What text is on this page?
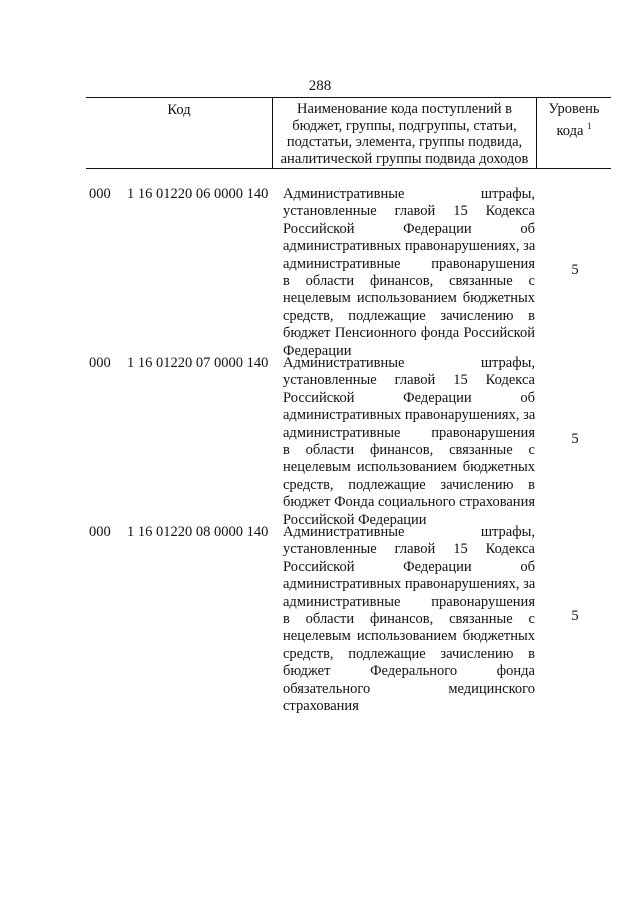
288
Код	Наименование кода поступлений в
бюджет, группы, подгруппы, статьи,
подстатьи, элемента, группы подвида,
аналитической группы подвида доходов
Уровень
кода $^1$
000 1 16 01220 06 0000 140 Административные штрафы,
установленные главой 15 Кодекса
Российской Федерации об
административных правонарушениях, за
административные правонарушения
в области финансов, связанные с
нецелевым использованием бюджетных
средств, подлежащие зачислению в
бюджет Пенсионного фонда Российской
Федерации
5
000 1 16 01220 07 0000 140 Административные штрафы,
установленные главой 15 Кодекса
Российской Федерации об
административных правонарушениях, за
административные правонарушения
в области финансов, связанные с
нецелевым использованием бюджетных
средств, подлежащие зачислению в
бюджет Фонда социального страхования
Российской Федерации
5
000 1 16 01220 08 0000 140 Административные штрафы,
установленные главой 15 Кодекса
Российской Федерации об
административных правонарушениях, за
административные правонарушения
в области финансов, связанные с
нецелевым использованием бюджетных
средств, подлежащие зачислению в
бюджет Федерального фонда
обязательного медицинского
страхования
5
